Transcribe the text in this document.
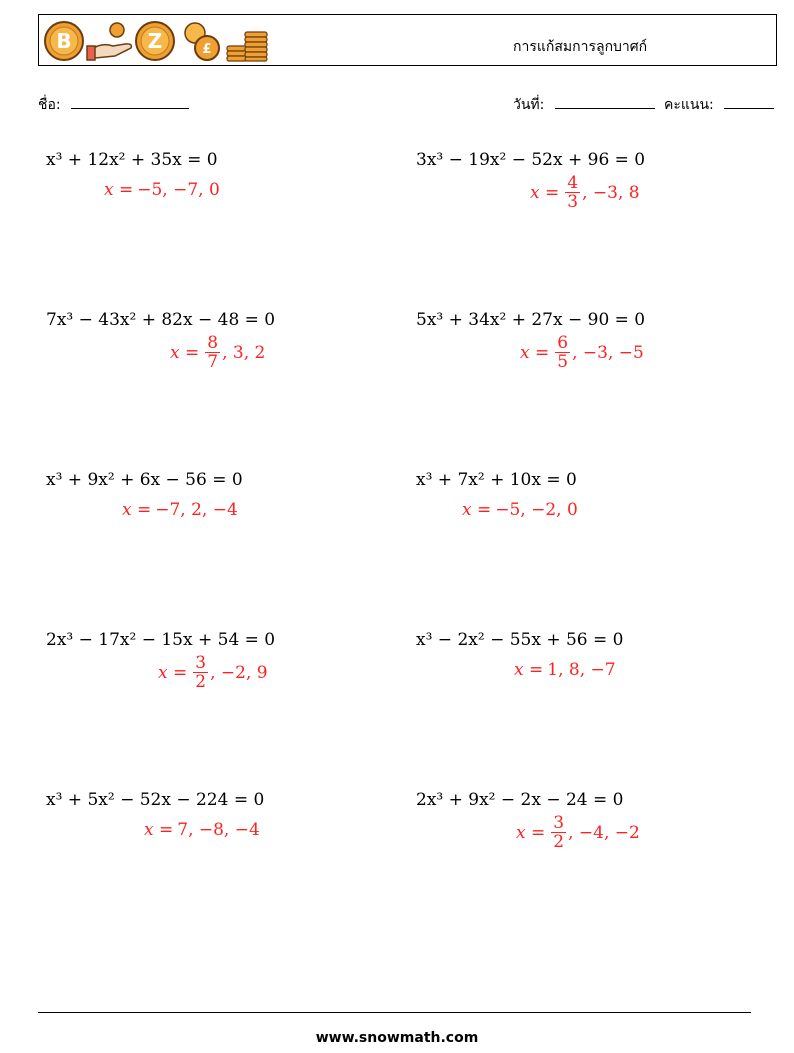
B	Z	£	การแก้สมการลูกบาศก์
ชื่อ:	วันที่:	คะแนน:
x³ + 12x² + 35x = 0
x = −5, −7, 0
3x³ − 19x² − 52x + 96 = 0
$x = \frac{4}{3}$ , −3, 8
7x³ − 43x² + 82x − 48 = 0
$x = \frac{8}{7}$ , 3, 2
5x³ + 34x² + 27x − 90 = 0
$x = \frac{6}{5}$ , −3, −5
x³ + 9x² + 6x − 56 = 0
x = −7, 2, −4
x³ + 7x² + 10x = 0
x = −5, −2, 0
2x³ − 17x² − 15x + 54 = 0
$x = \frac{3}{2}$ , −2, 9
x³ − 2x² − 55x + 56 = 0
x = 1, 8, −7
x³ + 5x² − 52x − 224 = 0
x = 7, −8, −4
2x³ + 9x² − 2x − 24 = 0
$x = \frac{3}{2}$ , −4, −2
www.snowmath.com
